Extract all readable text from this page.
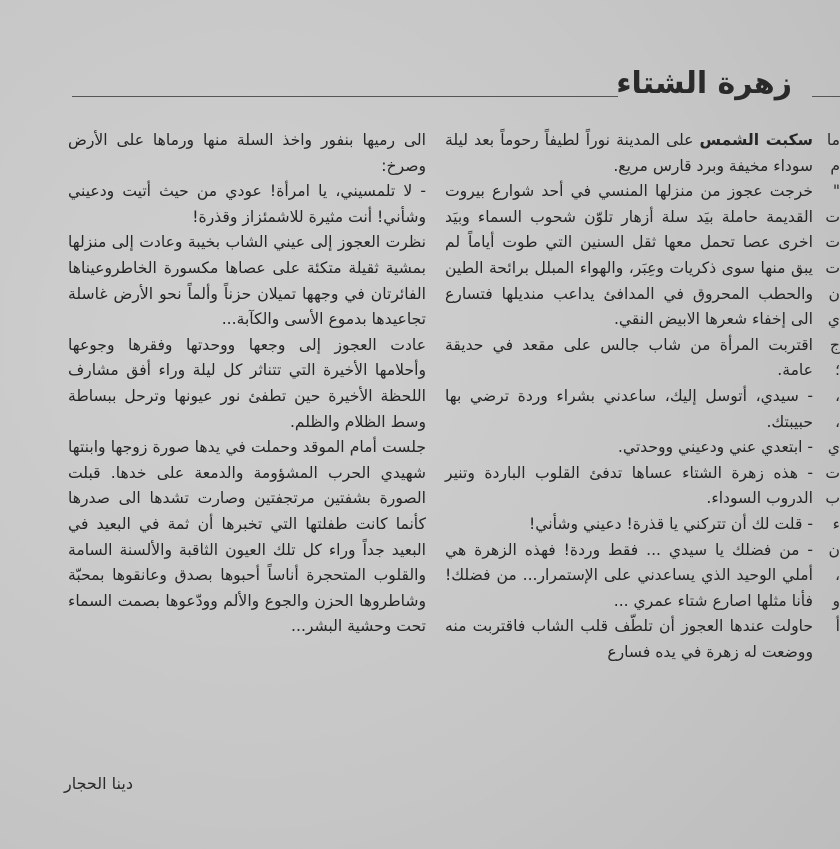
زهرة الشتاء

سكبت الشمس على المدينة نوراً لطيفاً رحوماً بعد ليلة سوداء مخيفة وبرد قارس مريع.

خرجت عجوز من منزلها المنسي في أحد شوارع بيروت القديمة حاملة بيَد سلة أزهار تلوّن شحوب السماء وبيَد اخرى عصا تحمل معها ثقل السنين التي طوت أياماً لم يبق منها سوى ذكريات وعِبَر، والهواء المبلل برائحة الطين والحطب المحروق في المدافئ يداعب منديلها فتسارع الى إخفاء شعرها الابيض النقي.

اقتربت المرأة من شاب جالس على مقعد في حديقة عامة.

- سيدي، أتوسل إليك، ساعدني بشراء وردة ترضي بها حبيبتك.

- ابتعدي عني ودعيني ووحدتي.

- هذه زهرة الشتاء عساها تدفئ القلوب الباردة وتنير الدروب السوداء.

- قلت لك أن تتركني يا قذرة! دعيني وشأني!

- من فضلك يا سيدي ... فقط وردة! فهذه الزهرة هي أملي الوحيد الذي يساعدني على الإستمرار... من فضلك! فأنا مثلها اصارع شتاء عمري ...

حاولت عندها العجوز أن تلطّف قلب الشاب فاقتربت منه ووضعت له زهرة في يده فسارع

الى رميها بنفور واخذ السلة منها ورماها على الأرض وصرخ:

- لا تلمسيني، يا امرأة! عودي من حيث أتيت ودعيني وشأني! أنت مثيرة للاشمئزاز وقذرة!

نظرت العجوز إلى عيني الشاب بخيبة وعادت إلى منزلها بمشية ثقيلة متكئة على عصاها مكسورة الخاطروعيناها الفائرتان في وجهها تميلان حزناً وألماً نحو الأرض غاسلة تجاعيدها بدموع الأسى والكآبة...

عادت العجوز إلى وجعها ووحدتها وفقرها وجوعها وأحلامها الأخيرة التي تتناثر كل ليلة وراء أفق مشارف اللحظة الأخيرة حين تطفئ نور عيونها وترحل ببساطة وسط الظلام والظلم.

جلست أمام الموقد وحملت في يدها صورة زوجها وابنتها شهيدي الحرب المشؤومة والدمعة على خدها. قبلت الصورة بشفتين مرتجفتين وصارت تشدها الى صدرها كأنما كانت طفلتها التي تخبرها أن ثمة في البعيد في البعيد جداً وراء كل تلك العيون الثاقبة والألسنة السامة والقلوب المتحجرة أناساً أحبوها بصدق وعانقوها بمحبّة وشاطروها الحزن والجوع والألم وودّعوها بصمت السماء تحت وحشية البشر...

دينا الحجار
ما
م
"
ت
ت
ت
ن
ي
ج
؛
،
،
ي
ت
ب
ء
ن
،
و
أ
